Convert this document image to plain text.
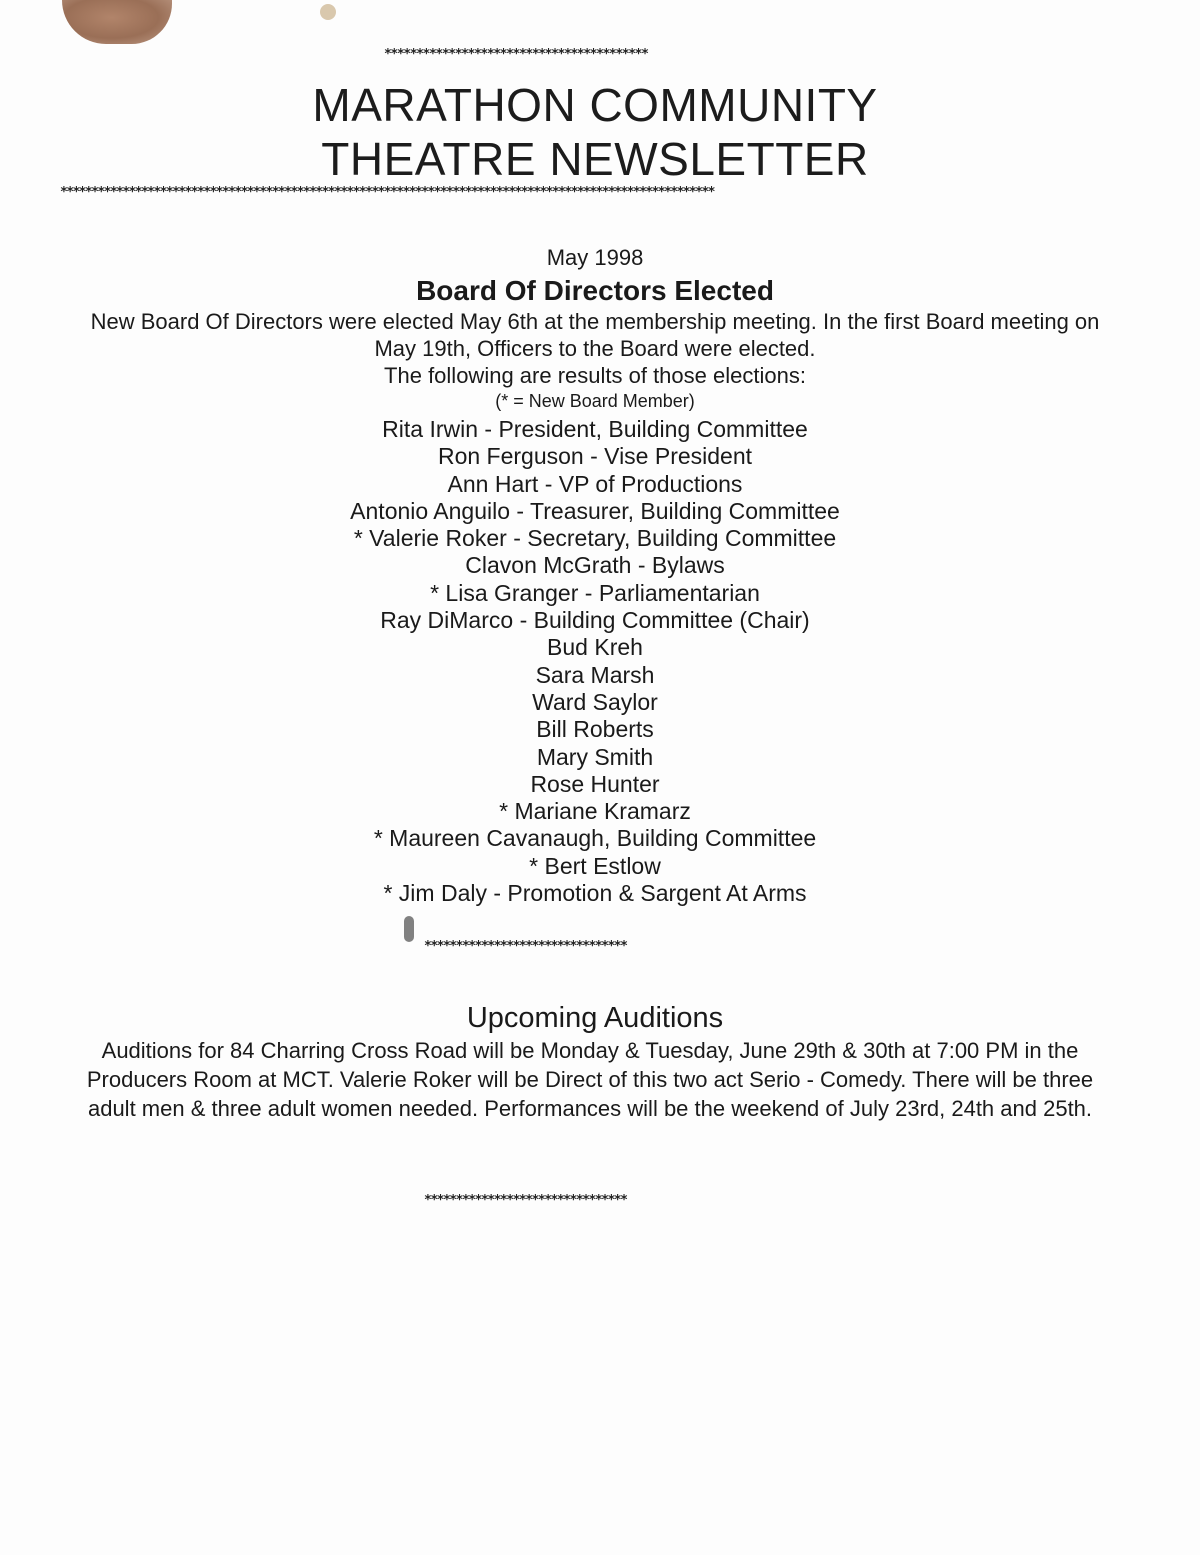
*****************************************
MARATHON COMMUNITY
THEATRE NEWSLETTER
*********************************************************************************************************
May 1998
Board Of Directors Elected
New Board Of Directors were elected May 6th at the membership meeting. In the first Board meeting on May 19th, Officers to the Board were elected.
The following are results of those elections:
(* = New Board Member)
Rita Irwin - President, Building Committee
Ron Ferguson - Vise President
Ann Hart - VP of Productions
Antonio Anguilo - Treasurer, Building Committee
* Valerie Roker - Secretary, Building Committee
Clavon McGrath - Bylaws
* Lisa Granger - Parliamentarian
Ray DiMarco - Building Committee (Chair)
Bud Kreh
Sara Marsh
Ward Saylor
Bill Roberts
Mary Smith
Rose Hunter
* Mariane Kramarz
* Maureen Cavanaugh, Building Committee
* Bert Estlow
* Jim Daly - Promotion & Sargent At Arms
********************************
Upcoming Auditions
Auditions for 84 Charring Cross Road will be Monday & Tuesday, June 29th & 30th at 7:00 PM in the Producers Room at MCT. Valerie Roker will be Direct of this two act Serio - Comedy. There will be three adult men & three adult women needed. Performances will be the weekend of July 23rd, 24th and 25th.
********************************
